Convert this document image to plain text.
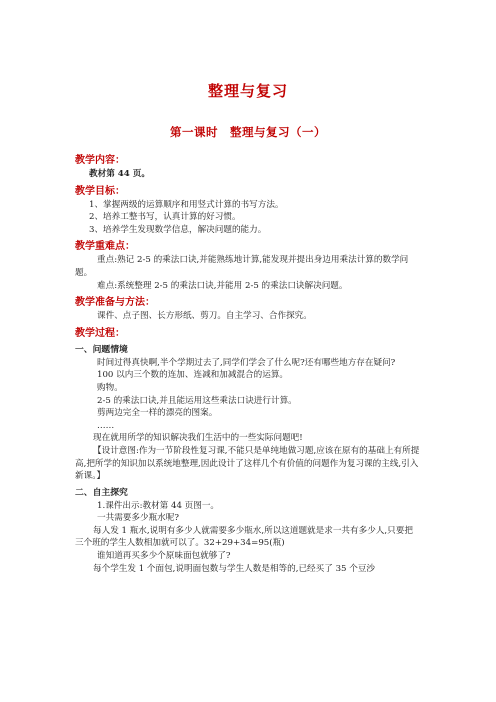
整理与复习
第一课时　整理与复习（一）
教学内容：
教材第 44 页。
教学目标：
1、掌握两级的运算顺序和用竖式计算的书写方法。
2、培养工整书写，认真计算的好习惯。
3、培养学生发现数学信息，解决问题的能力。
教学重难点：
重点:熟记 2-5 的乘法口诀,并能熟练地计算,能发现并提出身边用乘法计算的数学问题。
难点:系统整理 2-5 的乘法口诀,并能用 2-5 的乘法口诀解决问题。
教学准备与方法：
课件、点子图、长方形纸、剪刀。自主学习、合作探究。
教学过程：
一、问题情境
时间过得真快啊,半个学期过去了,同学们学会了什么呢?还有哪些地方存在疑问?
100 以内三个数的连加、连减和加减混合的运算。
购物。
2-5 的乘法口诀,并且能运用这些乘法口诀进行计算。
剪两边完全一样的漂亮的图案。
……
现在就用所学的知识解决我们生活中的一些实际问题吧!
【设计意图:作为一节阶段性复习课,不能只是单纯地做习题,应该在原有的基础上有所提高,把所学的知识加以系统地整理,因此设计了这样几个有价值的问题作为复习课的主线,引入新课。】
二、自主探究
1.课件出示:教材第 44 页图一。
一共需要多少瓶水呢?
每人发 1 瓶水,说明有多少人就需要多少瓶水,所以这道题就是求一共有多少人,只要把三个班的学生人数相加就可以了。32+29+34=95(瓶)
谁知道再买多少个原味面包就够了?
每个学生发 1 个面包,说明面包数与学生人数是相等的,已经买了 35 个豆沙
